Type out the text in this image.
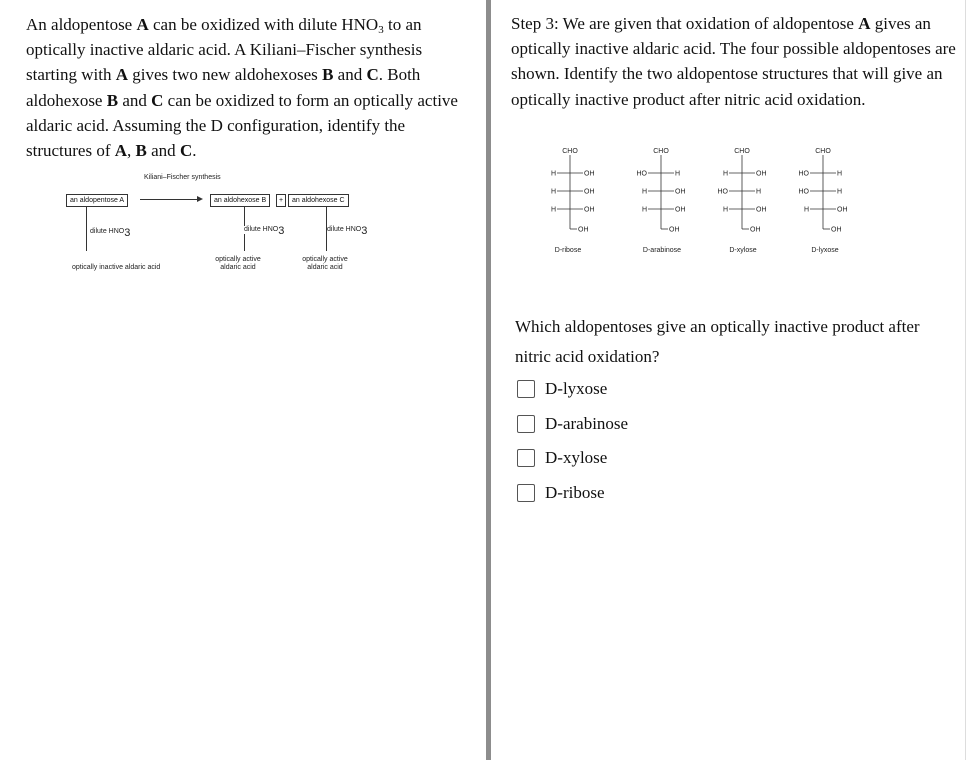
An aldopentose A can be oxidized with dilute $HNO_3$ to an optically inactive aldaric acid. A Kiliani–Fischer synthesis starting with A gives two new aldohexoses B and C. Both aldohexose B and C can be oxidized to form an optically active aldaric acid. Assuming the D configuration, identify the structures of A, B and C.
Kiliani–Fischer synthesis
an aldopentose A	an aldohexose B	+	an aldohexose C
dilute $HNO_3$	dilute $HNO_3$	dilute $HNO_3$
optically inactive aldaric acid
optically active
aldaric acid
optically active
aldaric acid
Step 3: We are given that oxidation of aldopentose A gives an optically inactive aldaric acid. The four possible aldopentoses are shown. Identify the two aldopentose structures that will give an optically inactive product after nitric acid oxidation.
CHO
H	OH
H	OH
H	OH
OH
D-ribose
CHO
HO	H
H	OH
H	OH
OH
D-arabinose
CHO
H	OH
HO	H
H	OH
OH
D-xylose
CHO
HO	H
HO	H
H	OH
OH
D-lyxose
Which aldopentoses give an optically inactive product after nitric acid oxidation?
D -lyxose
D -arabinose
D -xylose
D -ribose
